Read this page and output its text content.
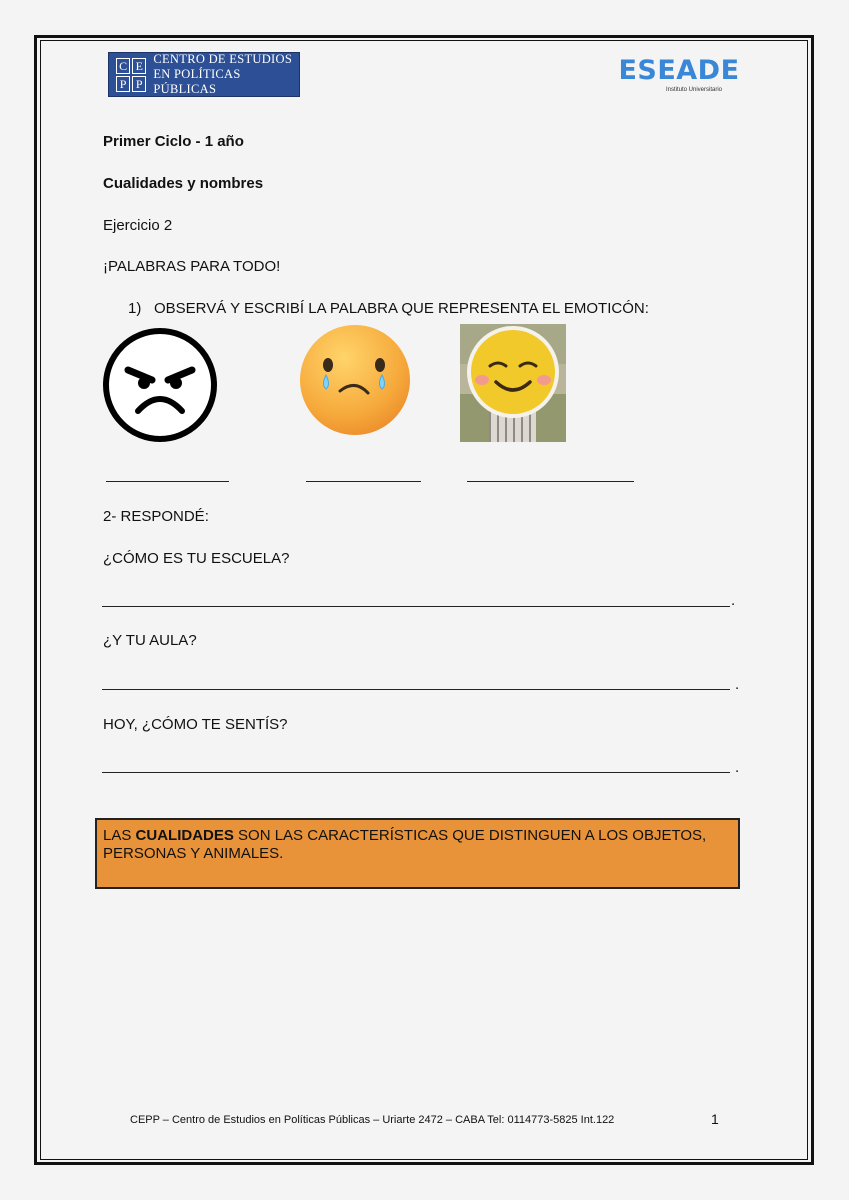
C E
P P
CENTRO DE ESTUDIOS
EN POLÍTICAS PÚBLICAS
ESEADE
Instituto Universitario
Primer Ciclo - 1 año
Cualidades y nombres
Ejercicio 2
¡PALABRAS PARA TODO!
1) OBSERVÁ Y ESCRIBÍ LA PALABRA QUE REPRESENTA EL EMOTICÓN:
2- RESPONDÉ:
¿CÓMO ES TU ESCUELA?
.
¿Y TU AULA?
.
HOY, ¿CÓMO TE SENTÍS?
.
LAS CUALIDADES SON LAS CARACTERÍSTICAS QUE DISTINGUEN A LOS OBJETOS, PERSONAS Y ANIMALES.
CEPP – Centro de Estudios en Políticas Públicas – Uriarte 2472 – CABA Tel: 0114773-5825 Int.122	1
